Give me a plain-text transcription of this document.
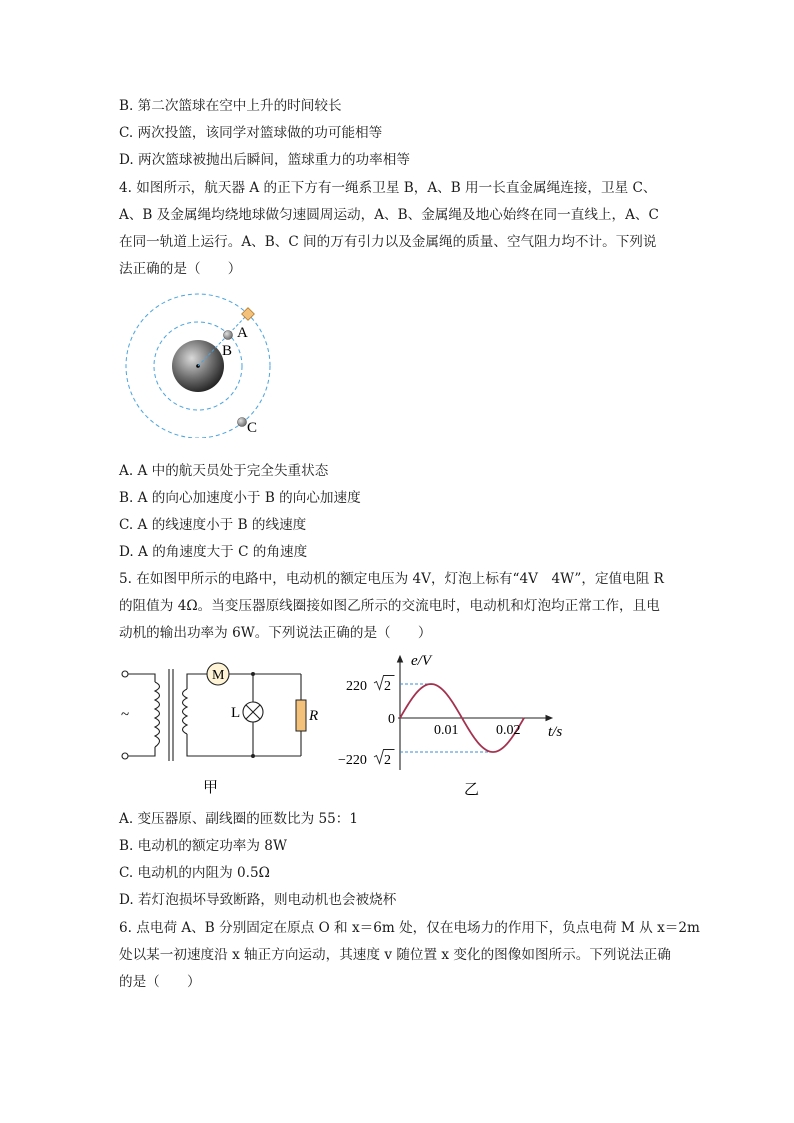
B. 第二次篮球在空中上升的时间较长
C. 两次投篮，该同学对篮球做的功可能相等
D. 两次篮球被抛出后瞬间，篮球重力的功率相等
4. 如图所示，航天器 A 的正下方有一绳系卫星 B，A、B 用一长直金属绳连接，卫星 C、
A、B 及金属绳均绕地球做匀速圆周运动，A、B、金属绳及地心始终在同一直线上，A、C
在同一轨道上运行。A、B、C 间的万有引力以及金属绳的质量、空气阻力均不计。下列说
法正确的是（　　）
A
B
C
A. A 中的航天员处于完全失重状态
B. A 的向心加速度小于 B 的向心加速度
C. A 的线速度小于 B 的线速度
D. A 的角速度大于 C 的角速度
5. 在如图甲所示的电路中，电动机的额定电压为 4V，灯泡上标有“4V　4W”，定值电阻 R
的阻值为 4Ω。当变压器原线圈接如图乙所示的交流电时，电动机和灯泡均正常工作，且电
动机的输出功率为 6W。下列说法正确的是（　　）
M
L	R
~
甲
e/V
t/s
0
0.01	0.02
220 2
−220 2
乙
A. 变压器原、副线圈的匝数比为 55：1
B. 电动机的额定功率为 8W
C. 电动机的内阻为 0.5Ω
D. 若灯泡损坏导致断路，则电动机也会被烧杯
6. 点电荷 A、B 分别固定在原点 O 和 x＝6m 处，仅在电场力的作用下，负点电荷 M 从 x＝2m
处以某一初速度沿 x 轴正方向运动，其速度 v 随位置 x 变化的图像如图所示。下列说法正确
的是（　　）
